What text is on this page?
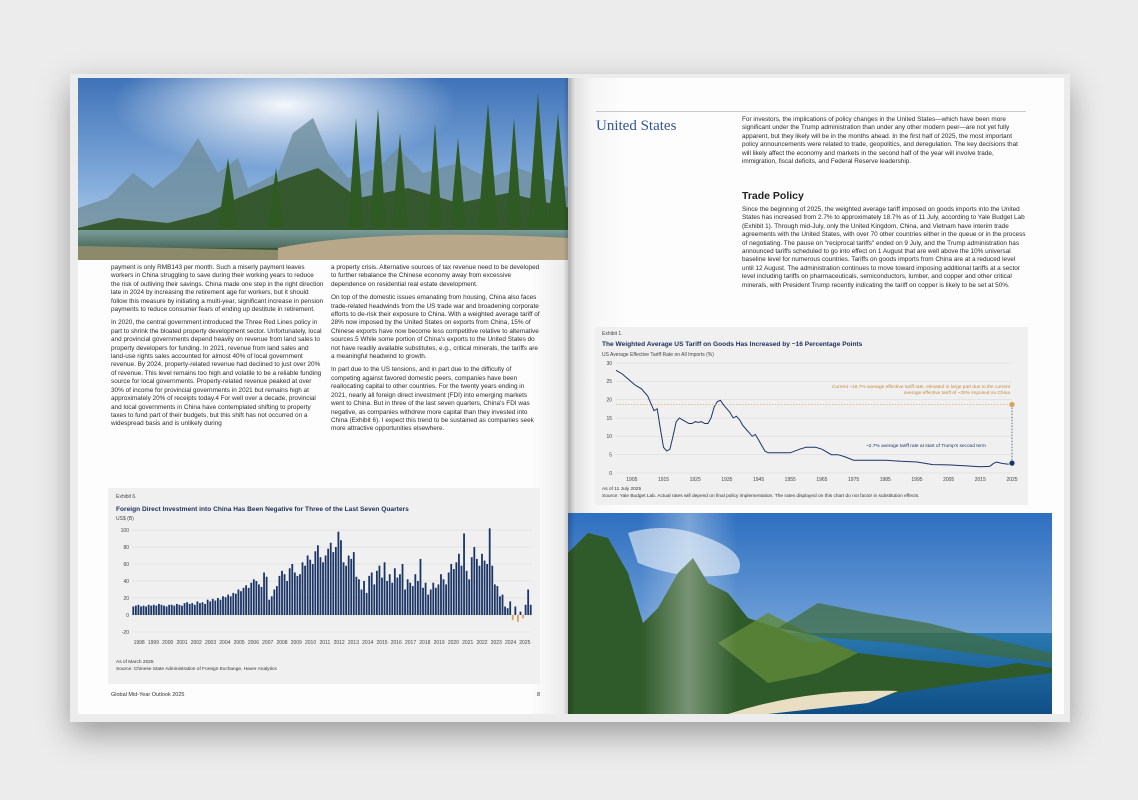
payment is only RMB143 per month. Such a miserly payment leaves workers in China struggling to save during their working years to reduce the risk of outliving their savings. China made one step in the right direction late in 2024 by increasing the retirement age for workers, but it should follow this measure by initiating a multi-year, significant increase in pension payments to reduce consumer fears of ending up destitute in retirement.

In 2020, the central government introduced the Three Red Lines policy in part to shrink the bloated property development sector. Unfortunately, local and provincial governments depend heavily on revenue from land sales to property developers for funding. In 2021, revenue from land sales and land-use rights sales accounted for almost 40% of local government revenue. By 2024, property-related revenue had declined to just over 20% of revenue. This level remains too high and volatile to be a reliable funding source for local governments. Property-related revenue peaked at over 30% of income for provincial governments in 2021 but remains high at approximately 20% of receipts today.4 For well over a decade, provincial and local governments in China have contemplated shifting to property taxes to fund part of their budgets, but this shift has not occurred on a widespread basis and is unlikely during

a property crisis. Alternative sources of tax revenue need to be developed to further rebalance the Chinese economy away from excessive dependence on residential real estate development.

On top of the domestic issues emanating from housing, China also faces trade-related headwinds from the US trade war and broadening corporate efforts to de-risk their exposure to China. With a weighted average tariff of 28% now imposed by the United States on exports from China, 15% of Chinese exports have now become less competitive relative to alternative sources.5 While some portion of China's exports to the United States do not have readily available substitutes, e.g., critical minerals, the tariffs are a meaningful headwind to growth.

In part due to the US tensions, and in part due to the difficulty of competing against favored domestic peers, companies have been reallocating capital to other countries. For the twenty years ending in 2021, nearly all foreign direct investment (FDI) into emerging markets went to China. But in three of the last seven quarters, China's FDI was negative, as companies withdrew more capital than they invested into China (Exhibit 6). I expect this trend to be sustained as companies seek more attractive opportunities elsewhere.

Exhibit 6.
Foreign Direct Investment into China Has Been Negative for Three of the Last Seven Quarters
US$ (B)
-20
0
20
40
60
80
100
1998 1999 2000 2001 2002 2003 2004 2005 2006 2007 2008 2009 2010 2011 2012 2013 2014 2015 2016 2017 2018 2019 2020 2021 2022 2023 2024 2025
As of March 2025
Source: Chinese State Administration of Foreign Exchange, Haver Analytics
Global Mid-Year Outlook 2025	8
United States	For investors, the implications of policy changes in the United States—which have been more significant under the Trump administration than under any other modern peer—are not yet fully apparent, but they likely will be in the months ahead. In the first half of 2025, the most important policy announcements were related to trade, geopolitics, and deregulation. The key decisions that will likely affect the economy and markets in the second half of the year will involve trade, immigration, fiscal deficits, and Federal Reserve leadership.
Trade Policy
Since the beginning of 2025, the weighted average tariff imposed on goods imports into the United States has increased from 2.7% to approximately 18.7% as of 11 July, according to Yale Budget Lab (Exhibit 1). Through mid-July, only the United Kingdom, China, and Vietnam have interim trade agreements with the United States, with over 70 other countries either in the queue or in the process of negotiating. The pause on "reciprocal tariffs" ended on 9 July, and the Trump administration has announced tariffs scheduled to go into effect on 1 August that are well above the 10% universal baseline level for numerous countries. Tariffs on goods imports from China are at a reduced level until 12 August. The administration continues to move toward imposing additional tariffs at a sector level including tariffs on pharmaceuticals, semiconductors, lumber, and copper and other critical minerals, with President Trump recently indicating the tariff on copper is likely to be set at 50%.
Exhibit 1.
The Weighted Average US Tariff on Goods Has Increased by ~16 Percentage Points
US Average Effective Tariff Rate on All Imports (%)
0
5
10
15
20
25
30
1905	1915	1925	1935	1945	1955	1965	1975	1985	1995	2005	2015	2025
Current ~18.7% average effective tariff rate, elevated in large part due to the current average effective tariff of ~28% imposed on China
~2.7% average tariff rate at start of Trump's second term
As of 11 July 2025
Source: Yale Budget Lab. Actual rates will depend on final policy implementation. The rates displayed on this chart do not factor in substitution effects.
